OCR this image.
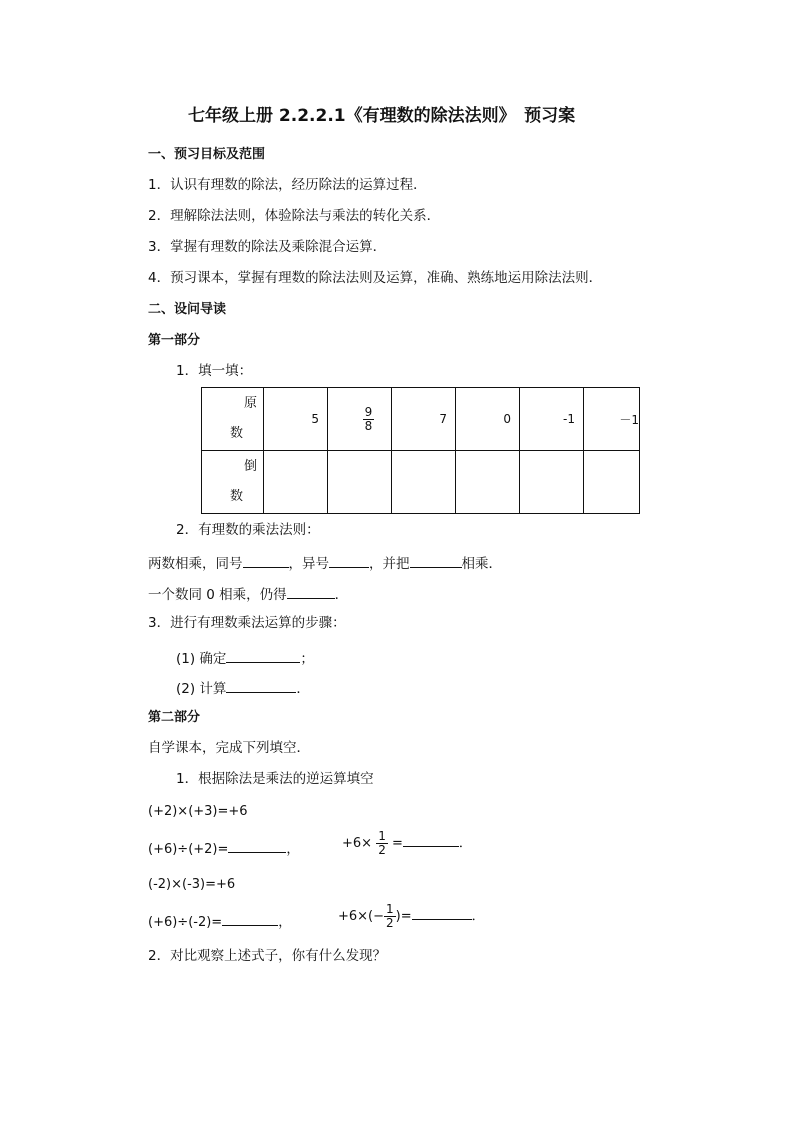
七年级上册 2.2.2.1《有理数的除法法则》　预习案
一、预习目标及范围
1．认识有理数的除法，经历除法的运算过程．
2．理解除法法则，体验除法与乘法的转化关系．
3．掌握有理数的除法及乘除混合运算．
4．预习课本，掌握有理数的除法法则及运算，准确、熟练地运用除法法则．
二、设问导读
第一部分
1．填一填：
原
数	5	$\frac{9}{8}$	7	0	-1	－1
倒
数						
2．有理数的乘法法则：
两数相乘，同号	，异号	，并把	相乘．
一个数同 0 相乘，仍得	．
3．进行有理数乘法运算的步骤：
(1) 确定	；
(2) 计算	．
第二部分
自学课本，完成下列填空．
1．根据除法是乘法的逆运算填空
(+2)×(+3)=+6
(+6)÷(+2)=	，	$+6\times \frac{1}{2}$ =	．
(-2)×(-3)=+6
(+6)÷(-2)=	，	$+6\times(- \frac{1}{2}$ )=	．
2．对比观察上述式子，你有什么发现？
